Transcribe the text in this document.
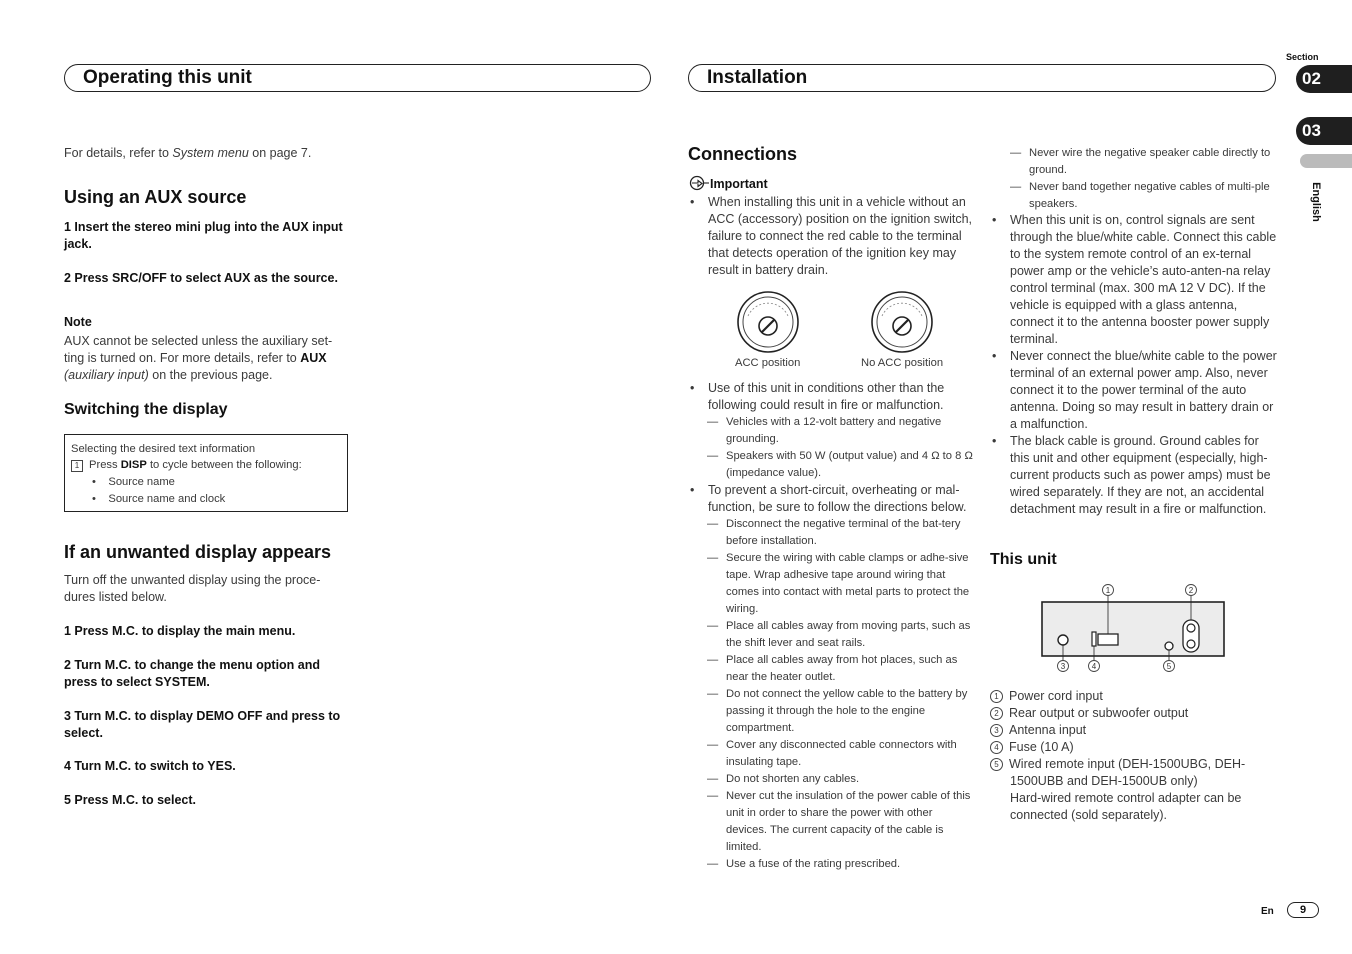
Operating this unit	Installation
Section
02
03
English
For details, refer to System menu on page 7.
Using an AUX source
1 Insert the stereo mini plug into the AUX input jack.
2 Press SRC/OFF to select AUX as the source.
Note
AUX cannot be selected unless the auxiliary set-ting is turned on. For more details, refer to AUX (auxiliary input) on the previous page.
Switching the display
Selecting the desired text information
1 Press DISP to cycle between the following:
•    Source name
•    Source name and clock
If an unwanted display appears
Turn off the unwanted display using the proce-dures listed below.
1 Press M.C. to display the main menu.
2 Turn M.C. to change the menu option and press to select SYSTEM.
3 Turn M.C. to display DEMO OFF and press to select.
4 Turn M.C. to switch to YES.
5 Press M.C. to select.
Connections
Important
• When installing this unit in a vehicle without an ACC (accessory) position on the ignition switch, failure to connect the red cable to the terminal that detects operation of the ignition key may result in battery drain.
ACC position	No ACC position
• Use of this unit in conditions other than the following could result in fire or malfunction.
— Vehicles with a 12-volt battery and negative grounding.
— Speakers with 50 W (output value) and 4 Ω to 8 Ω (impedance value).
• To prevent a short-circuit, overheating or mal-function, be sure to follow the directions below.
— Disconnect the negative terminal of the bat-tery before installation.
— Secure the wiring with cable clamps or adhe-sive tape. Wrap adhesive tape around wiring that comes into contact with metal parts to protect the wiring.
— Place all cables away from moving parts, such as the shift lever and seat rails.
— Place all cables away from hot places, such as near the heater outlet.
— Do not connect the yellow cable to the battery by passing it through the hole to the engine compartment.
— Cover any disconnected cable connectors with insulating tape.
— Do not shorten any cables.
— Never cut the insulation of the power cable of this unit in order to share the power with other devices. The current capacity of the cable is limited.
— Use a fuse of the rating prescribed.
— Never wire the negative speaker cable directly to ground.
— Never band together negative cables of multi-ple speakers.
• When this unit is on, control signals are sent through the blue/white cable. Connect this cable to the system remote control of an ex-ternal power amp or the vehicle’s auto-anten-na relay control terminal (max. 300 mA 12 V DC). If the vehicle is equipped with a glass antenna, connect it to the antenna booster power supply terminal.
• Never connect the blue/white cable to the power terminal of an external power amp. Also, never connect it to the power terminal of the auto antenna. Doing so may result in battery drain or a malfunction.
• The black cable is ground. Ground cables for this unit and other equipment (especially, high-current products such as power amps) must be wired separately. If they are not, an accidental detachment may result in a fire or malfunction.
This unit
1	2
3	4	5
1 Power cord input
2 Rear output or subwoofer output
3 Antenna input
4 Fuse (10 A)
5 Wired remote input (DEH-1500UBG, DEH-1500UBB and DEH-1500UB only)
Hard-wired remote control adapter can be connected (sold separately).
En	9
